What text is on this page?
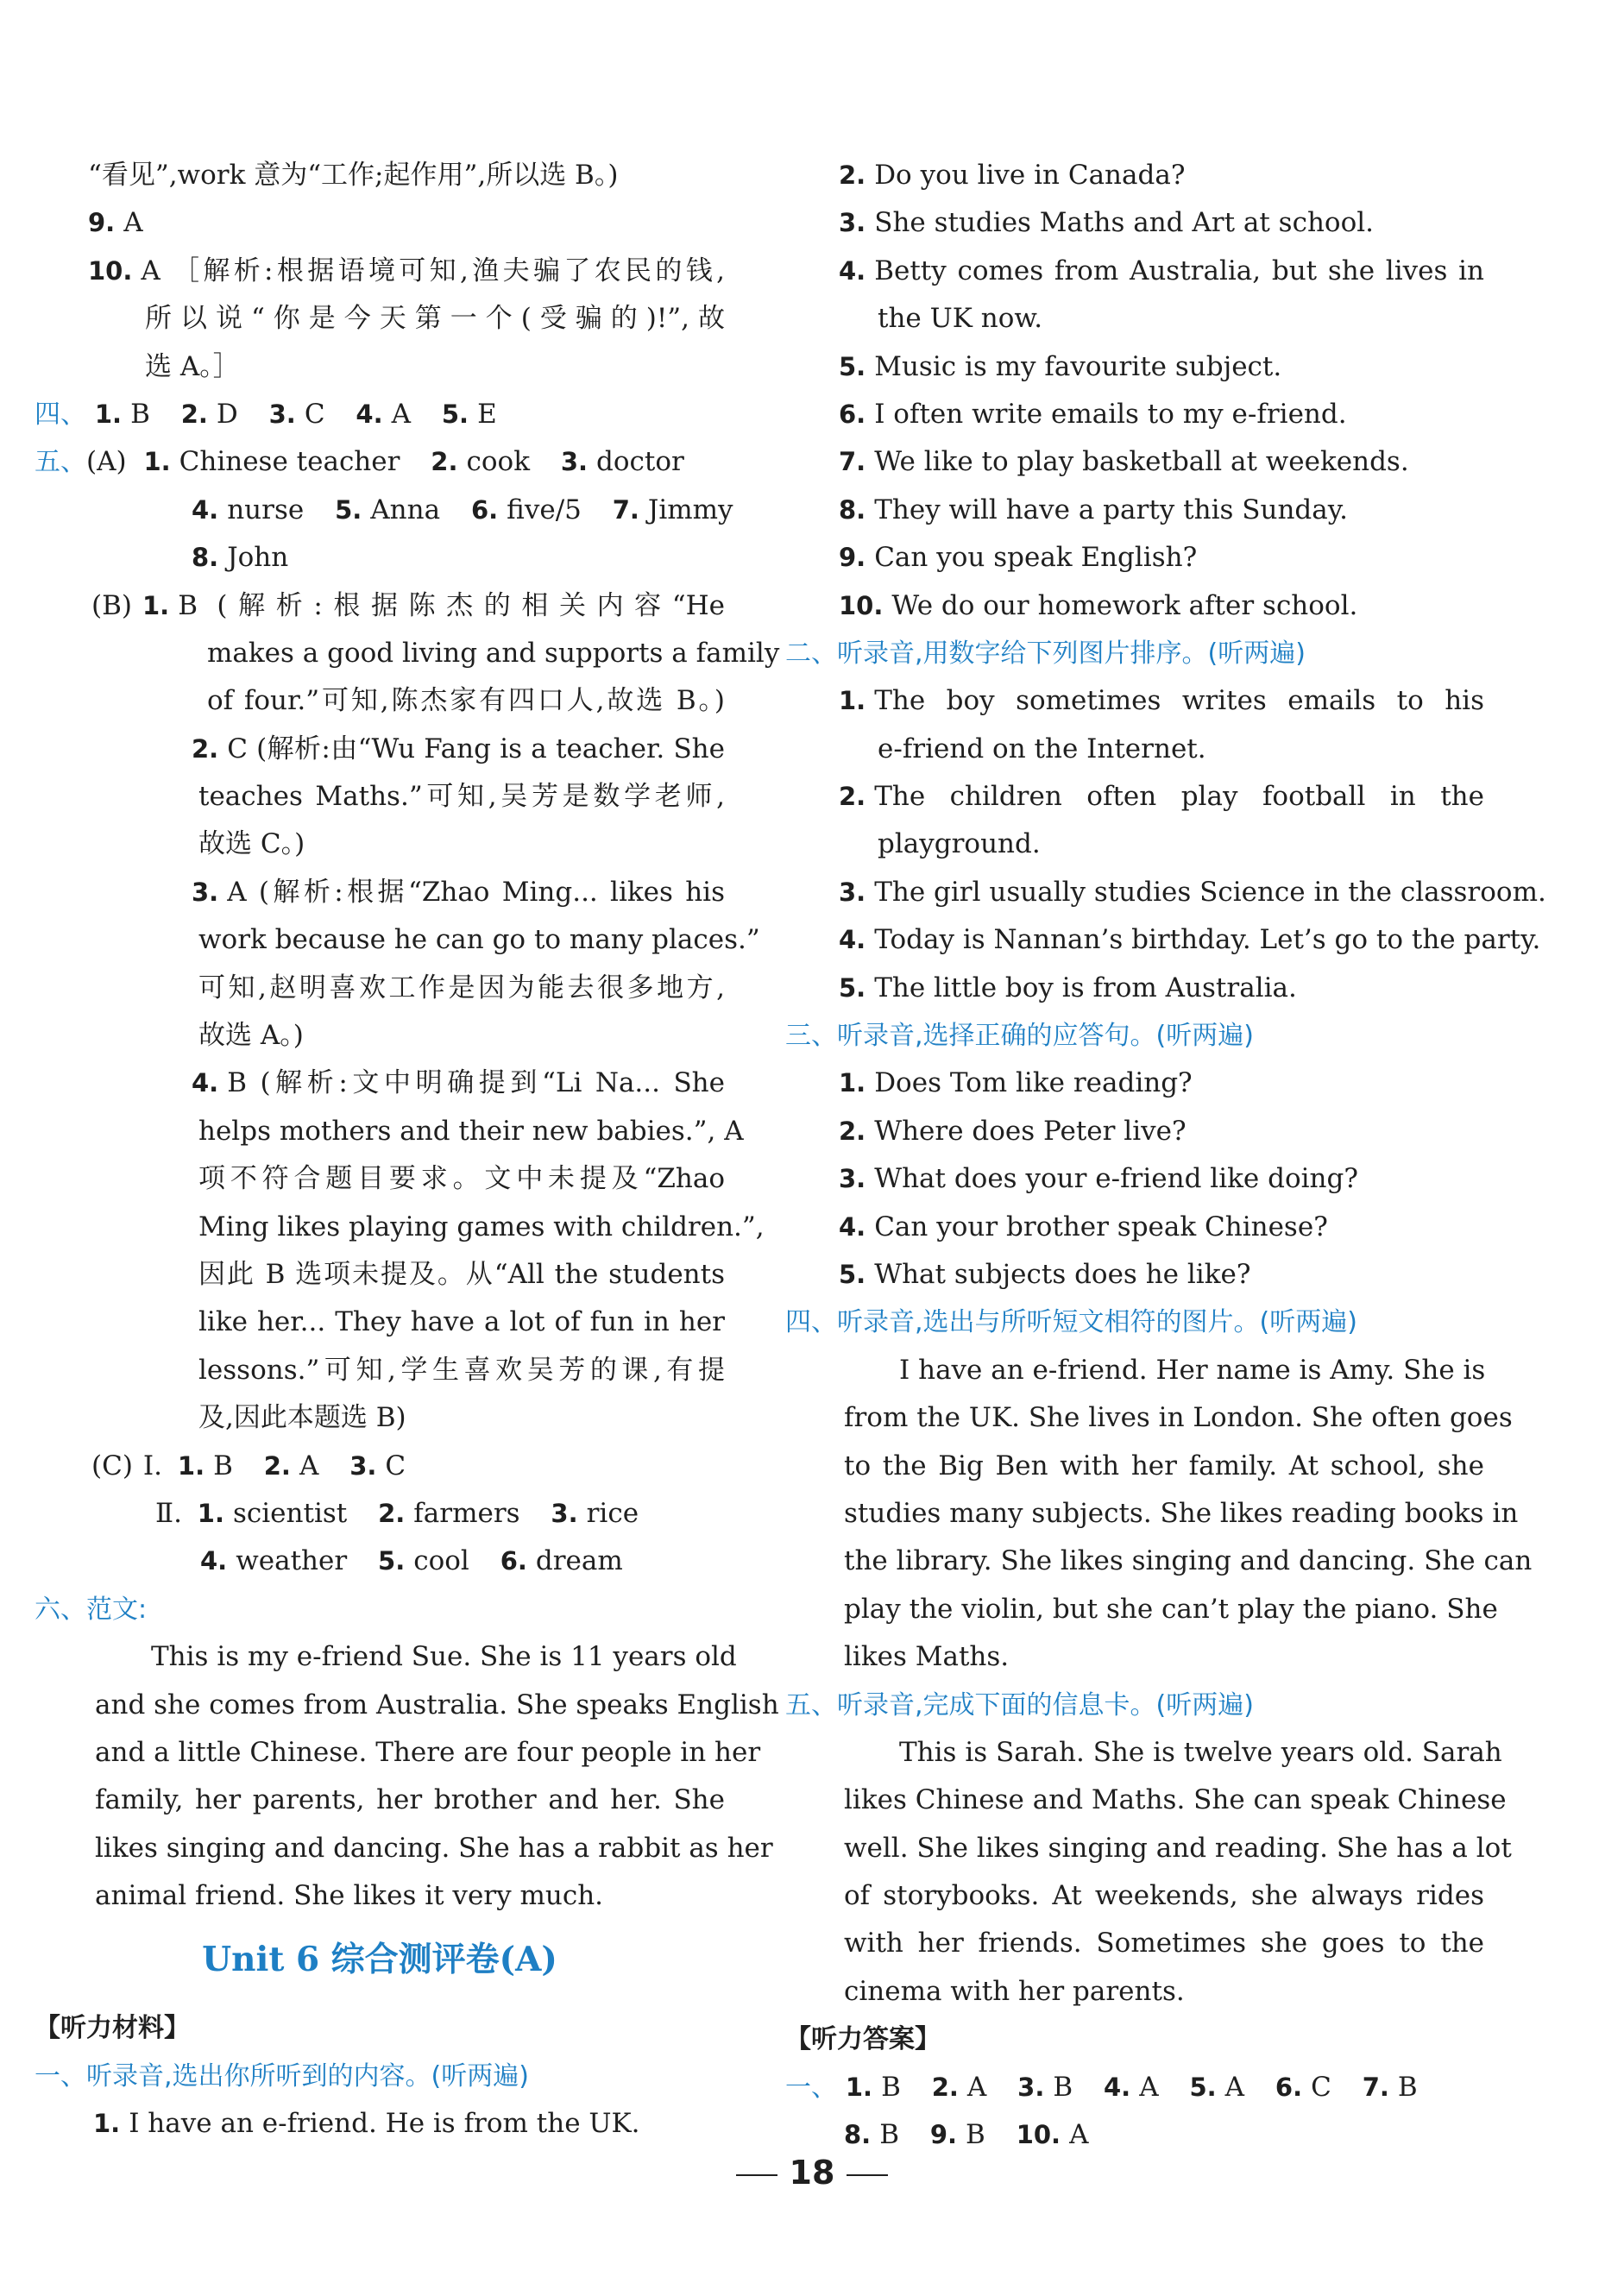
“看见”,work 意为“工作;起作用”,所以选 B。)
9. A
10. A ［解析:根据语境可知,渔夫骗了农民的钱,
所以说“你是今天第一个(受骗的)!”,故
选 A。］
四、 1. B 2. D 3. C 4. A 5. E
五、(A) 1. Chinese teacher 2. cook 3. doctor
4. nurse 5. Anna 6. five/5 7. Jimmy
8. John
(B) 1. B (解析:根据陈杰的相关内容“He
makes a good living and supports a family
of four.”可知,陈杰家有四口人,故选 B。)
2. C (解析:由“Wu Fang is a teacher. She
teaches Maths.”可知,吴芳是数学老师,
故选 C。)
3. A (解析:根据“Zhao Ming... likes his
work because he can go to many places.”
可知,赵明喜欢工作是因为能去很多地方,
故选 A。)
4. B (解析:文中明确提到“Li Na... She
helps mothers and their new babies.”, A
项不符合题目要求。文中未提及“Zhao
Ming likes playing games with children.”,
因此 B 选项未提及。从“All the students
like her... They have a lot of fun in her
lessons.”可知,学生喜欢吴芳的课,有提
及,因此本题选 B)
(C) Ⅰ. 1. B 2. A 3. C
Ⅱ. 1. scientist 2. farmers 3. rice
4. weather 5. cool 6. dream
六、范文:
This is my e-friend Sue. She is 11 years old
and she comes from Australia. She speaks English
and a little Chinese. There are four people in her
family, her parents, her brother and her. She
likes singing and dancing. She has a rabbit as her
animal friend. She likes it very much.
Unit 6 综合测评卷(A)
【听力材料】
一、听录音,选出你所听到的内容。(听两遍)
1. I have an e-friend. He is from the UK.
2. Do you live in Canada?
3. She studies Maths and Art at school.
4. Betty comes from Australia, but she lives in
the UK now.
5. Music is my favourite subject.
6. I often write emails to my e-friend.
7. We like to play basketball at weekends.
8. They will have a party this Sunday.
9. Can you speak English?
10. We do our homework after school.
二、听录音,用数字给下列图片排序。(听两遍)
1. The boy sometimes writes emails to his
e-friend on the Internet.
2. The children often play football in the
playground.
3. The girl usually studies Science in the classroom.
4. Today is Nannan’s birthday. Let’s go to the party.
5. The little boy is from Australia.
三、听录音,选择正确的应答句。(听两遍)
1. Does Tom like reading?
2. Where does Peter live?
3. What does your e-friend like doing?
4. Can your brother speak Chinese?
5. What subjects does he like?
四、听录音,选出与所听短文相符的图片。(听两遍)
I have an e-friend. Her name is Amy. She is
from the UK. She lives in London. She often goes
to the Big Ben with her family. At school, she
studies many subjects. She likes reading books in
the library. She likes singing and dancing. She can
play the violin, but she can’t play the piano. She
likes Maths.
五、听录音,完成下面的信息卡。(听两遍)
This is Sarah. She is twelve years old. Sarah
likes Chinese and Maths. She can speak Chinese
well. She likes singing and reading. She has a lot
of storybooks. At weekends, she always rides
with her friends. Sometimes she goes to the
cinema with her parents.
【听力答案】
一、 1. B 2. A 3. B 4. A 5. A 6. C 7. B
8. B 9. B 10. A
18
